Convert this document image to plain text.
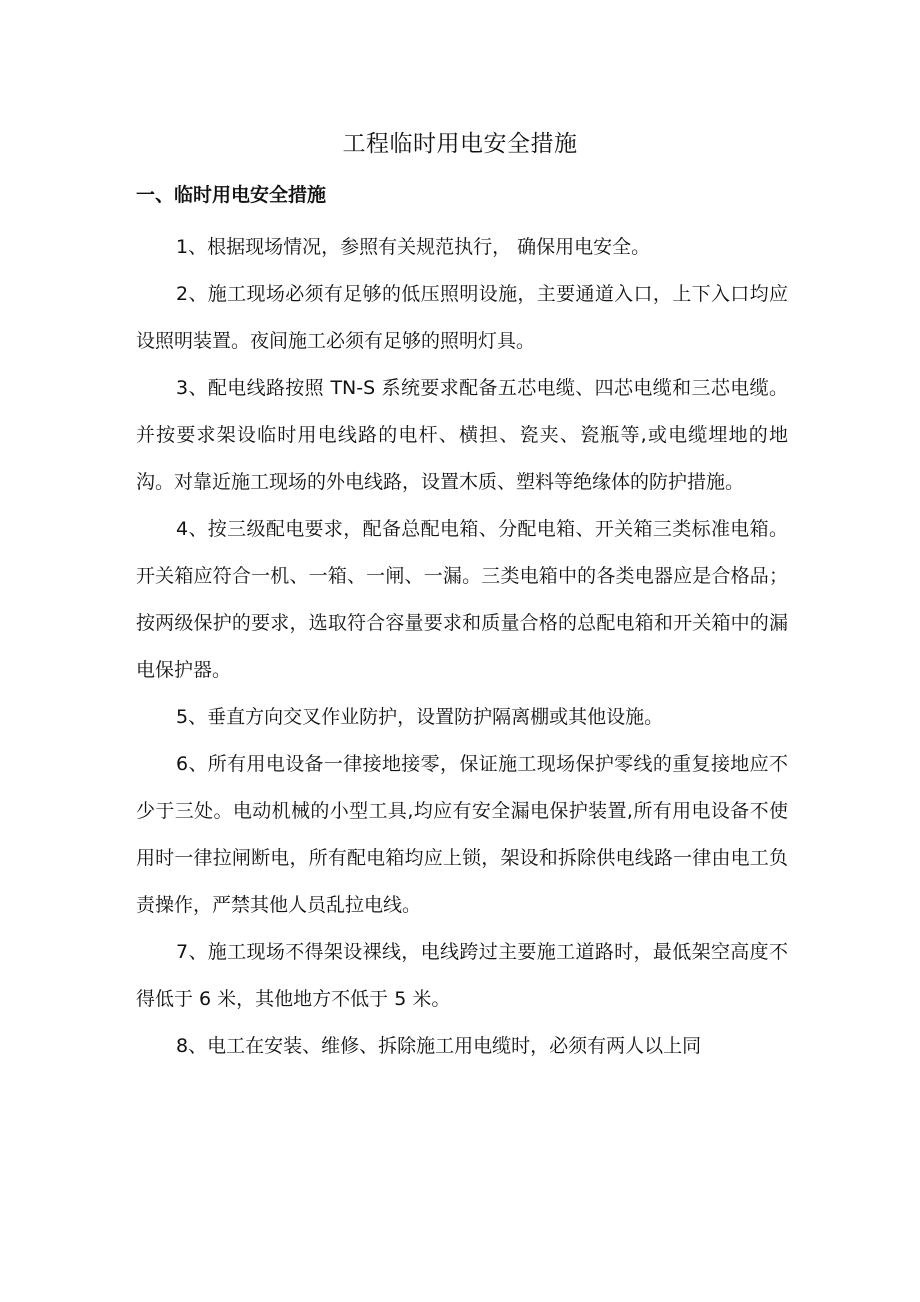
工程临时用电安全措施
一、临时用电安全措施

1、根据现场情况，参照有关规范执行， 确保用电安全。

2、施工现场必须有足够的低压照明设施，主要通道入口，上下入口均应设照明装置。夜间施工必须有足够的照明灯具。

3、配电线路按照 TN-S 系统要求配备五芯电缆、四芯电缆和三芯电缆。并按要求架设临时用电线路的电杆、横担、瓷夹、瓷瓶等,或电缆埋地的地沟。对靠近施工现场的外电线路，设置木质、塑料等绝缘体的防护措施。

4、按三级配电要求，配备总配电箱、分配电箱、开关箱三类标准电箱。开关箱应符合一机、一箱、一闸、一漏。三类电箱中的各类电器应是合格品；按两级保护的要求，选取符合容量要求和质量合格的总配电箱和开关箱中的漏电保护器。

5、垂直方向交叉作业防护，设置防护隔离棚或其他设施。

6、所有用电设备一律接地接零，保证施工现场保护零线的重复接地应不少于三处。电动机械的小型工具,均应有安全漏电保护装置,所有用电设备不使用时一律拉闸断电，所有配电箱均应上锁，架设和拆除供电线路一律由电工负责操作，严禁其他人员乱拉电线。

7、施工现场不得架设裸线，电线跨过主要施工道路时，最低架空高度不得低于 6 米，其他地方不低于 5 米。

8、电工在安装、维修、拆除施工用电缆时，必须有两人以上同
